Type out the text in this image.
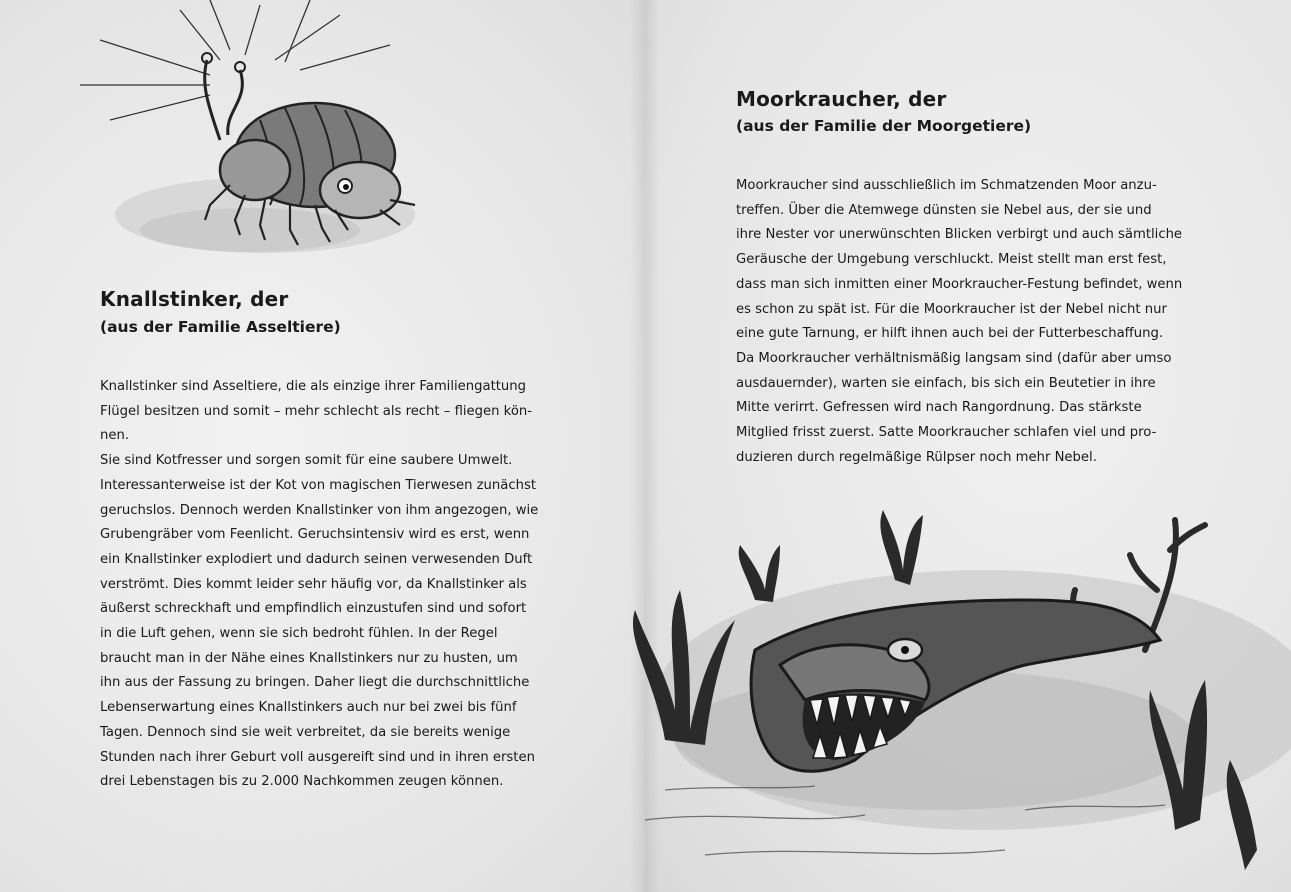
Knallstinker, der
(aus der Familie Asseltiere)
Knallstinker sind Asseltiere, die als einzige ihrer Familiengattung
Flügel besitzen und somit – mehr schlecht als recht – fliegen kön-
nen.
Sie sind Kotfresser und sorgen somit für eine saubere Umwelt.
Interessanterweise ist der Kot von magischen Tierwesen zunächst
geruchslos. Dennoch werden Knallstinker von ihm angezogen, wie
Grubengräber vom Feenlicht. Geruchsintensiv wird es erst, wenn
ein Knallstinker explodiert und dadurch seinen verwesenden Duft
verströmt. Dies kommt leider sehr häufig vor, da Knallstinker als
äußerst schreckhaft und empfindlich einzustufen sind und sofort
in die Luft gehen, wenn sie sich bedroht fühlen. In der Regel
braucht man in der Nähe eines Knallstinkers nur zu husten, um
ihn aus der Fassung zu bringen. Daher liegt die durchschnittliche
Lebenserwartung eines Knallstinkers auch nur bei zwei bis fünf
Tagen. Dennoch sind sie weit verbreitet, da sie bereits wenige
Stunden nach ihrer Geburt voll ausgereift sind und in ihren ersten
drei Lebenstagen bis zu 2.000 Nachkommen zeugen können.
Moorkraucher, der
(aus der Familie der Moorgetiere)
Moorkraucher sind ausschließlich im Schmatzenden Moor anzu-
treffen. Über die Atemwege dünsten sie Nebel aus, der sie und
ihre Nester vor unerwünschten Blicken verbirgt und auch sämtliche
Geräusche der Umgebung verschluckt. Meist stellt man erst fest,
dass man sich inmitten einer Moorkraucher-Festung befindet, wenn
es schon zu spät ist. Für die Moorkraucher ist der Nebel nicht nur
eine gute Tarnung, er hilft ihnen auch bei der Futterbeschaffung.
Da Moorkraucher verhältnismäßig langsam sind (dafür aber umso
ausdauernder), warten sie einfach, bis sich ein Beutetier in ihre
Mitte verirrt. Gefressen wird nach Rangordnung. Das stärkste
Mitglied frisst zuerst. Satte Moorkraucher schlafen viel und pro-
duzieren durch regelmäßige Rülpser noch mehr Nebel.
